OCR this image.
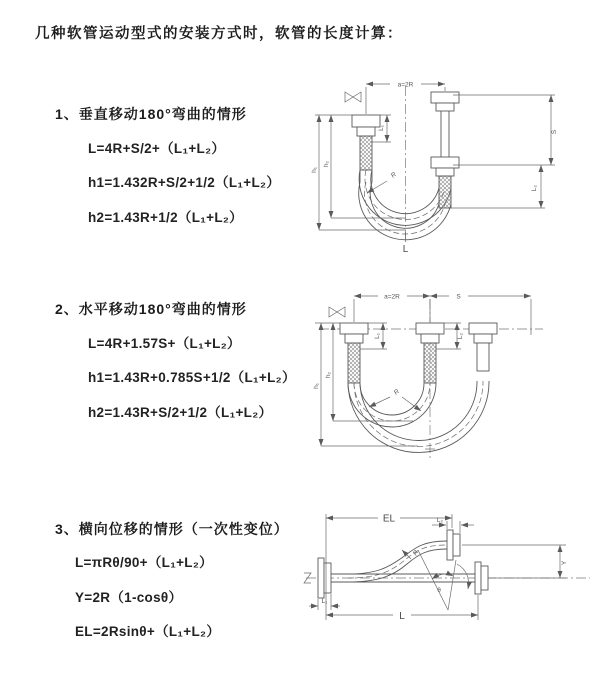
几种软管运动型式的安装方式时，软管的长度计算：
1、垂直移动180°弯曲的情形
L=4R+S/2+（L₁+L₂）
h1=1.432R+S/2+1/2（L₁+L₂）
h2=1.43R+1/2（L₁+L₂）
a=2R
L₁
h₁
h₂
S
L₂
R
L
2、水平移动180°弯曲的情形
L=4R+1.57S+（L₁+L₂）
h1=1.43R+0.785S+1/2（L₁+L₂）
h2=1.43R+S/2+1/2（L₁+L₂）
a=2R	S
L₁	L₂
h₁
h₂
R
3、横向位移的情形（一次性变位）
L=πRθ/90+（L₁+L₂）
Y=2R（1-cosθ）
EL=2Rsinθ+（L₁+L₂）
EL	L₂
Y
R
θ
L
L₁
